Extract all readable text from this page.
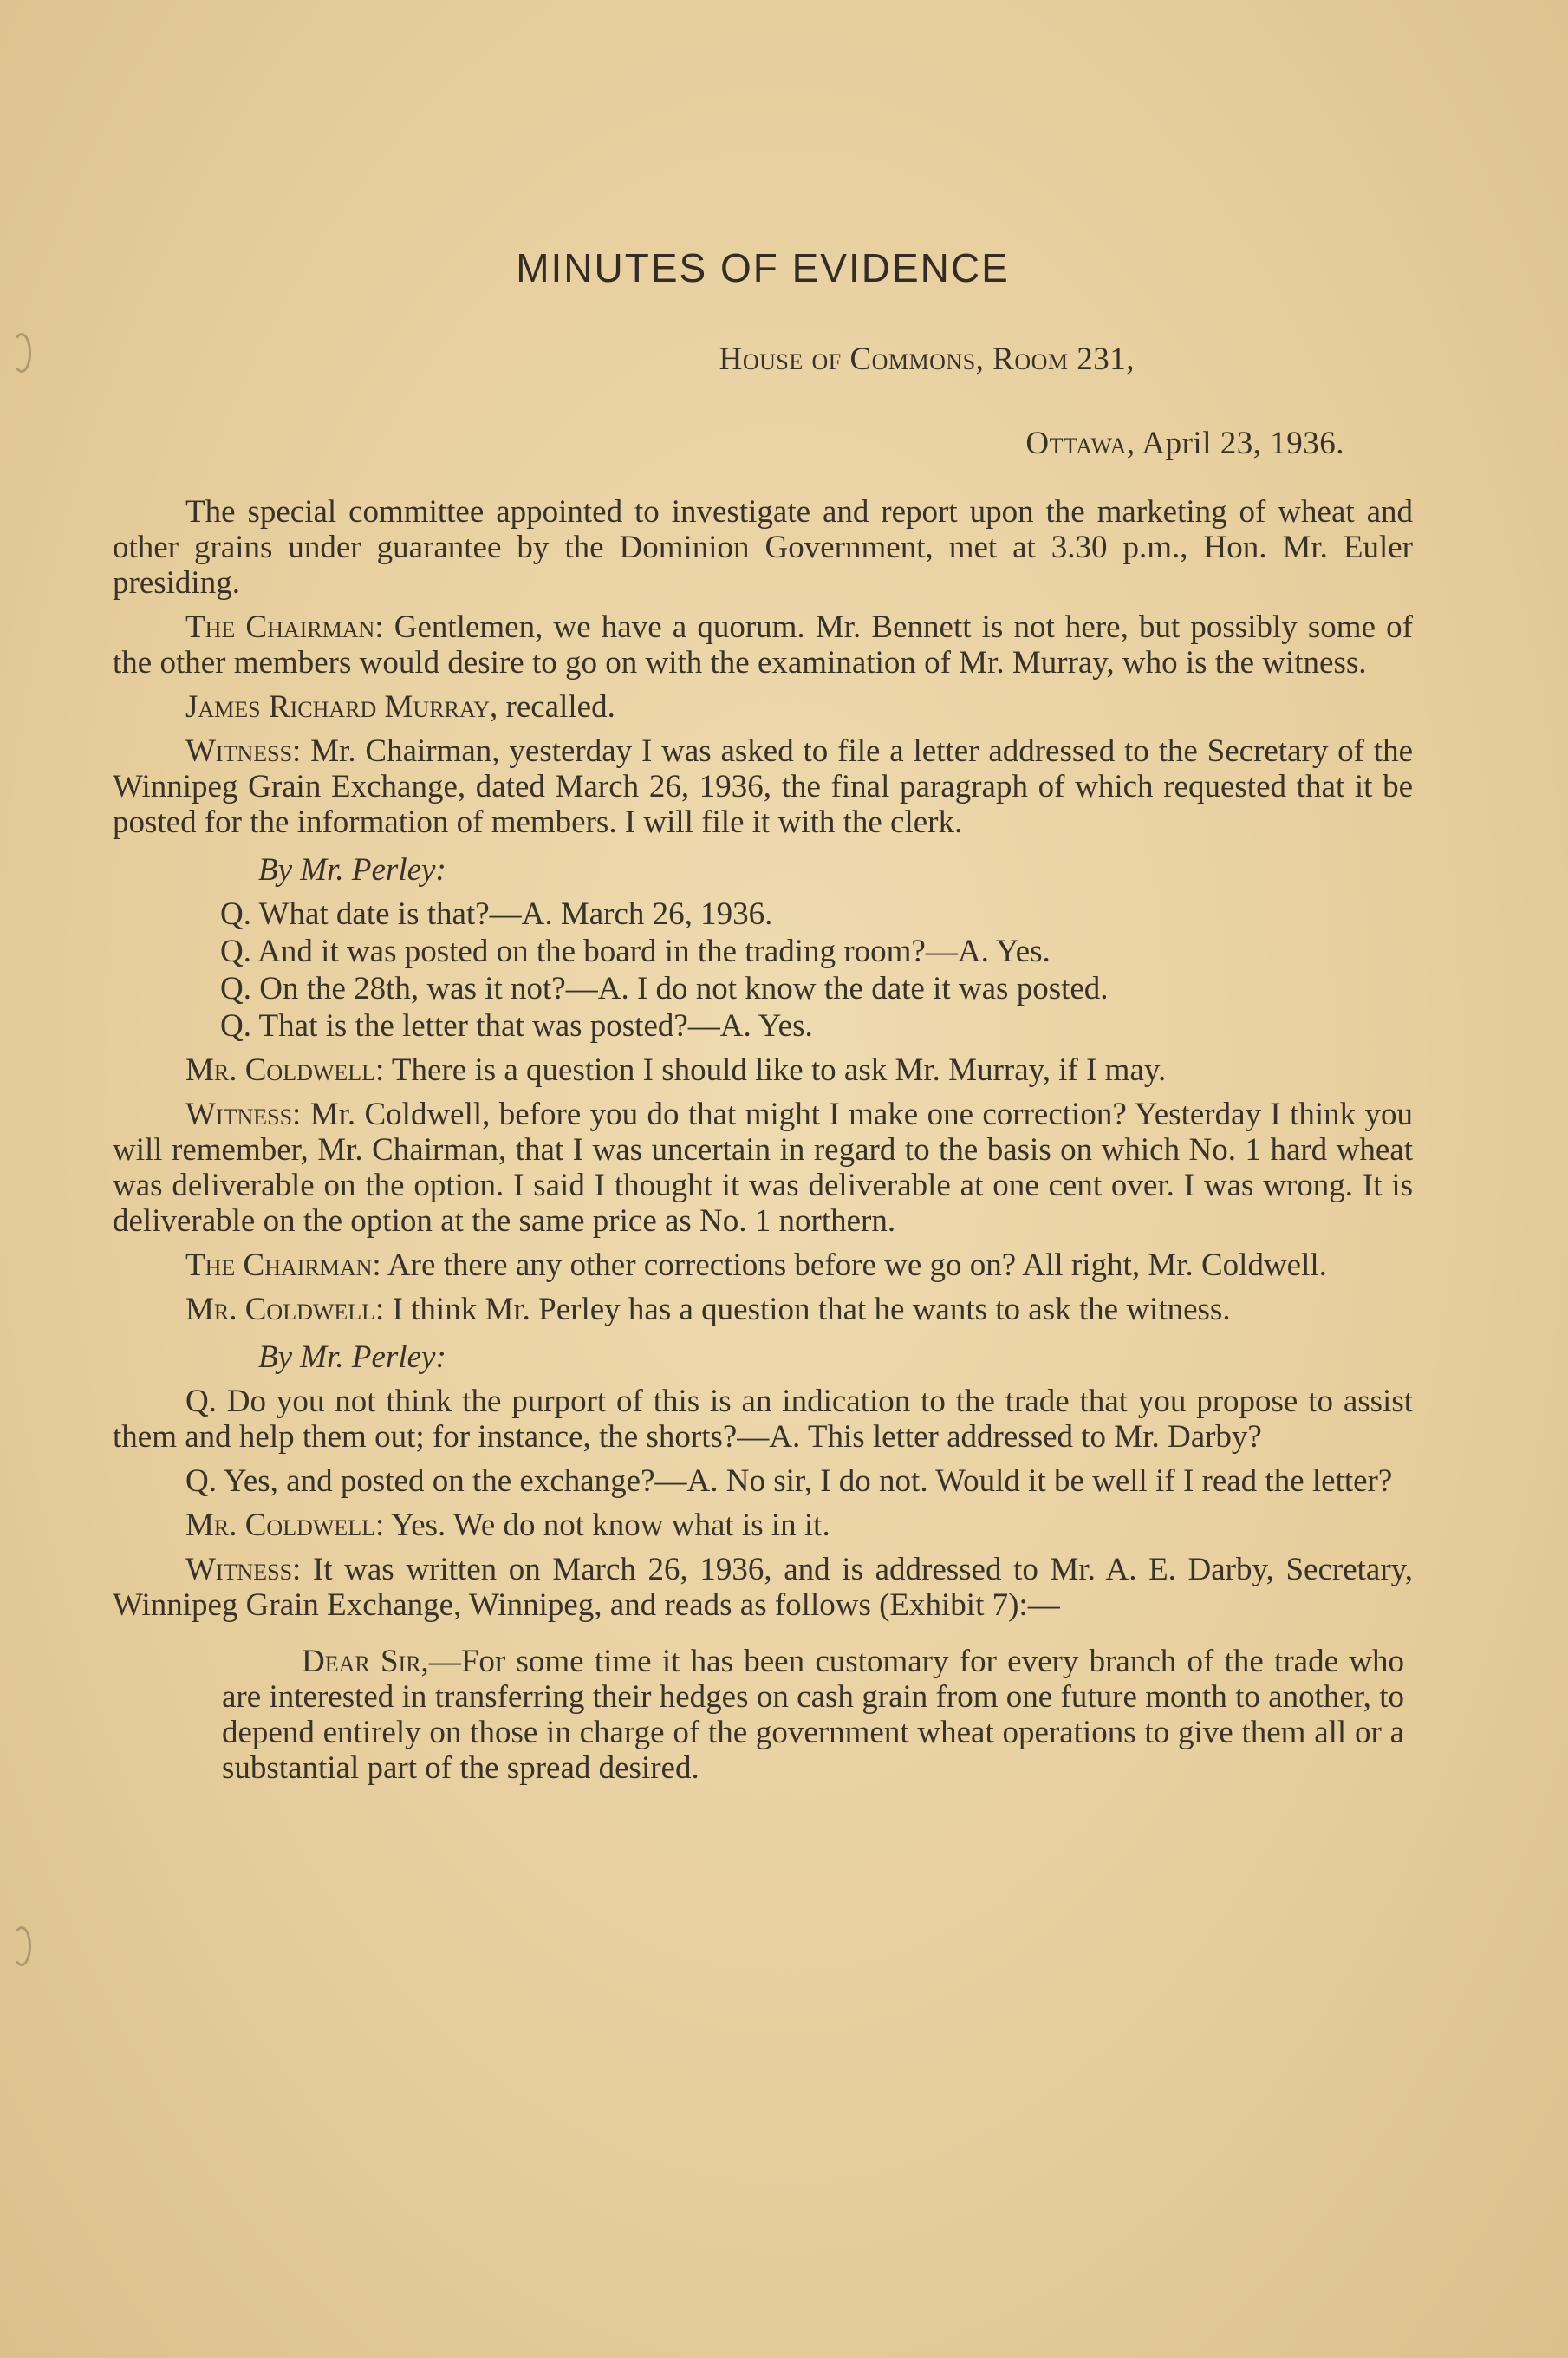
MINUTES OF EVIDENCE
House of Commons, Room 231,
Ottawa, April 23, 1936.

The special committee appointed to investigate and report upon the marketing of wheat and other grains under guarantee by the Dominion Government, met at 3.30 p.m., Hon. Mr. Euler presiding.

The Chairman: Gentlemen, we have a quorum. Mr. Bennett is not here, but possibly some of the other members would desire to go on with the examination of Mr. Murray, who is the witness.

James Richard Murray, recalled.

Witness: Mr. Chairman, yesterday I was asked to file a letter addressed to the Secretary of the Winnipeg Grain Exchange, dated March 26, 1936, the final paragraph of which requested that it be posted for the information of members. I will file it with the clerk.

By Mr. Perley:

Q. What date is that?—A. March 26, 1936.

Q. And it was posted on the board in the trading room?—A. Yes.

Q. On the 28th, was it not?—A. I do not know the date it was posted.

Q. That is the letter that was posted?—A. Yes.

Mr. Coldwell: There is a question I should like to ask Mr. Murray, if I may.

Witness: Mr. Coldwell, before you do that might I make one correction? Yesterday I think you will remember, Mr. Chairman, that I was uncertain in regard to the basis on which No. 1 hard wheat was deliverable on the option. I said I thought it was deliverable at one cent over. I was wrong. It is deliverable on the option at the same price as No. 1 northern.

The Chairman: Are there any other corrections before we go on? All right, Mr. Coldwell.

Mr. Coldwell: I think Mr. Perley has a question that he wants to ask the witness.

By Mr. Perley:

Q. Do you not think the purport of this is an indication to the trade that you propose to assist them and help them out; for instance, the shorts?—A. This letter addressed to Mr. Darby?

Q. Yes, and posted on the exchange?—A. No sir, I do not. Would it be well if I read the letter?

Mr. Coldwell: Yes. We do not know what is in it.

Witness: It was written on March 26, 1936, and is addressed to Mr. A. E. Darby, Secretary, Winnipeg Grain Exchange, Winnipeg, and reads as follows (Exhibit 7):—

Dear Sir,—For some time it has been customary for every branch of the trade who are interested in transferring their hedges on cash grain from one future month to another, to depend entirely on those in charge of the government wheat operations to give them all or a substantial part of the spread desired.
